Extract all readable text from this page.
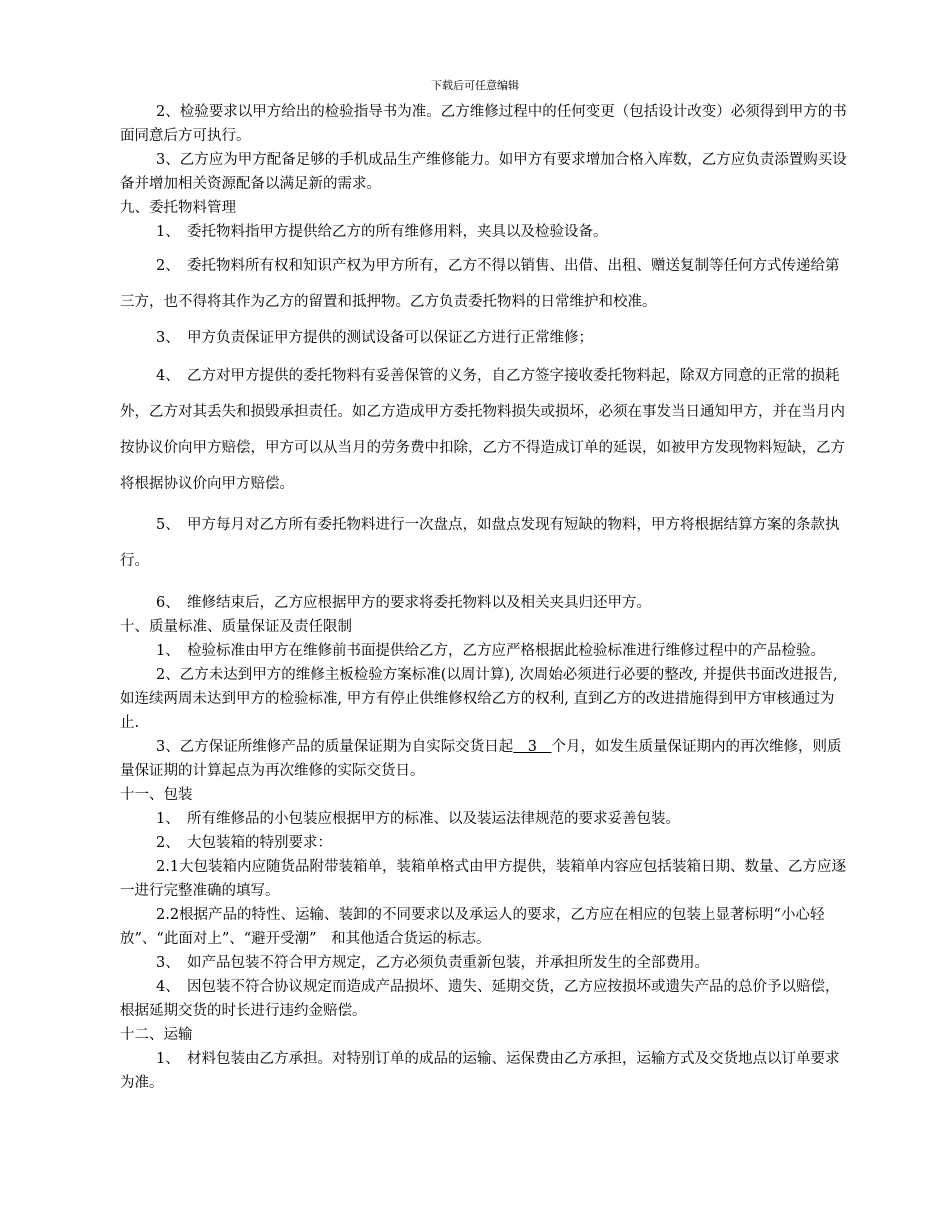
下载后可任意编辑

2、检验要求以甲方给出的检验指导书为准。乙方维修过程中的任何变更（包括设计改变）必须得到甲方的书面同意后方可执行。

3、乙方应为甲方配备足够的手机成品生产维修能力。如甲方有要求增加合格入库数，乙方应负责添置购买设备并增加相关资源配备以满足新的需求。

九、委托物料管理

1、　委托物料指甲方提供给乙方的所有维修用料，夹具以及检验设备。

2、　委托物料所有权和知识产权为甲方所有，乙方不得以销售、出借、出租、赠送复制等任何方式传递给第三方，也不得将其作为乙方的留置和抵押物。乙方负责委托物料的日常维护和校准。

3、　甲方负责保证甲方提供的测试设备可以保证乙方进行正常维修；

4、　乙方对甲方提供的委托物料有妥善保管的义务，自乙方签字接收委托物料起，除双方同意的正常的损耗外，乙方对其丢失和损毁承担责任。如乙方造成甲方委托物料损失或损坏，必须在事发当日通知甲方，并在当月内按协议价向甲方赔偿，甲方可以从当月的劳务费中扣除，乙方不得造成订单的延误，如被甲方发现物料短缺，乙方将根据协议价向甲方赔偿。

5、　甲方每月对乙方所有委托物料进行一次盘点，如盘点发现有短缺的物料，甲方将根据结算方案的条款执行。

6、　维修结束后，乙方应根据甲方的要求将委托物料以及相关夹具归还甲方。

十、质量标准、质量保证及责任限制

1、　检验标准由甲方在维修前书面提供给乙方，乙方应严格根据此检验标准进行维修过程中的产品检验。

2、乙方未达到甲方的维修主板检验方案标准(以周计算), 次周始必须进行必要的整改, 并提供书面改进报告, 如连续两周未达到甲方的检验标准, 甲方有停止供维修权给乙方的权利, 直到乙方的改进措施得到甲方审核通过为止.

3、乙方保证所维修产品的质量保证期为自实际交货日起　3　个月，如发生质量保证期内的再次维修，则质量保证期的计算起点为再次维修的实际交货日。

十一、包装

1、　所有维修品的小包装应根据甲方的标准、以及装运法律规范的要求妥善包装。

2、　大包装箱的特别要求：

2.1大包装箱内应随货品附带装箱单，装箱单格式由甲方提供，装箱单内容应包括装箱日期、数量、乙方应逐一进行完整准确的填写。

2.2根据产品的特性、运输、装卸的不同要求以及承运人的要求，乙方应在相应的包装上显著标明“小心轻放”、“此面对上”、“避开受潮”　和其他适合货运的标志。

3、　如产品包装不符合甲方规定，乙方必须负责重新包装，并承担所发生的全部费用。

4、　因包装不符合协议规定而造成产品损坏、遗失、延期交货，乙方应按损坏或遗失产品的总价予以赔偿，根据延期交货的时长进行违约金赔偿。

十二、运输

1、　材料包装由乙方承担。对特别订单的成品的运输、运保费由乙方承担，运输方式及交货地点以订单要求为准。
